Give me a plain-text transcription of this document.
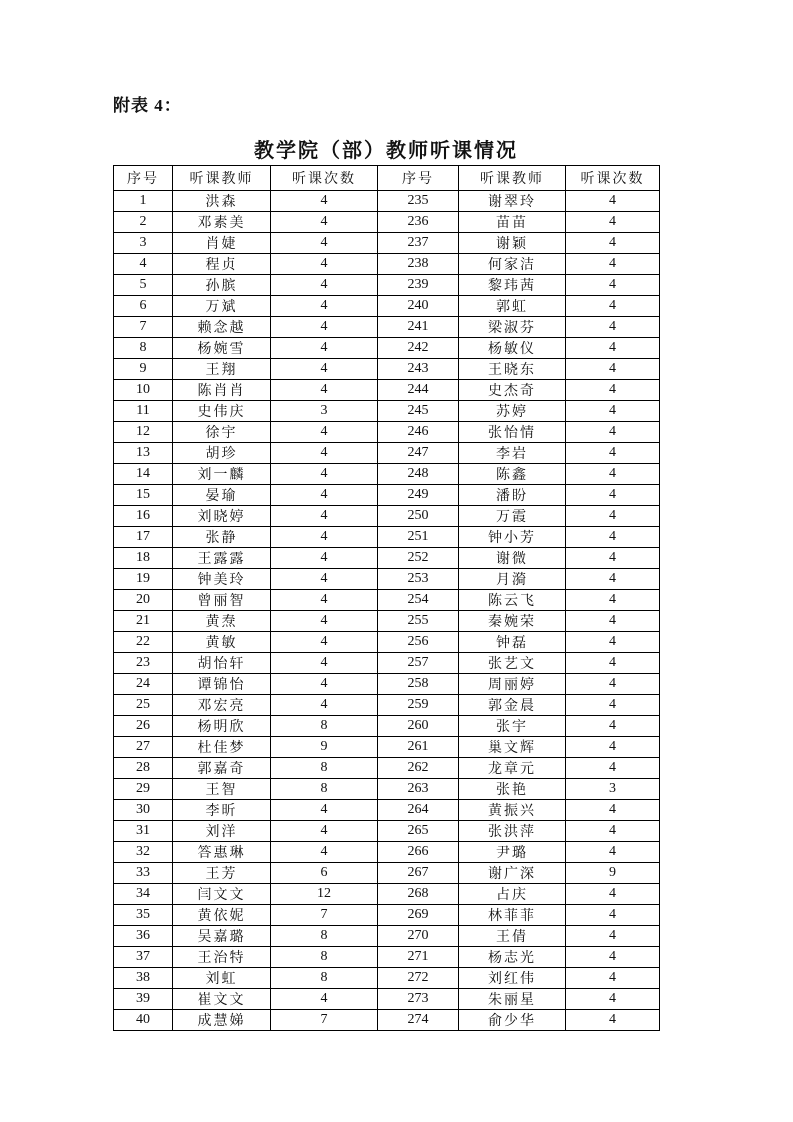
附表 4：
教学院（部）教师听课情况
序号	听课教师	听课次数	序号	听课教师	听课次数
1	洪森	4	235	谢翠玲	4
2	邓素美	4	236	苗苗	4
3	肖婕	4	237	谢颖	4
4	程贞	4	238	何家洁	4
5	孙膑	4	239	黎玮茜	4
6	万斌	4	240	郭虹	4
7	赖念越	4	241	梁淑芬	4
8	杨婉雪	4	242	杨敏仪	4
9	王翔	4	243	王晓东	4
10	陈肖肖	4	244	史杰奇	4
11	史伟庆	3	245	苏婷	4
12	徐宇	4	246	张怡情	4
13	胡珍	4	247	李岩	4
14	刘一麟	4	248	陈鑫	4
15	晏瑜	4	249	潘盼	4
16	刘晓婷	4	250	万霞	4
17	张静	4	251	钟小芳	4
18	王露露	4	252	谢微	4
19	钟美玲	4	253	月漪	4
20	曾丽智	4	254	陈云飞	4
21	黄焘	4	255	秦婉荣	4
22	黄敏	4	256	钟磊	4
23	胡怡轩	4	257	张艺文	4
24	谭锦怡	4	258	周丽婷	4
25	邓宏亮	4	259	郭金晨	4
26	杨明欣	8	260	张宇	4
27	杜佳梦	9	261	巢文辉	4
28	郭嘉奇	8	262	龙章元	4
29	王智	8	263	张艳	3
30	李昕	4	264	黄振兴	4
31	刘洋	4	265	张洪萍	4
32	答惠琳	4	266	尹璐	4
33	王芳	6	267	谢广深	9
34	闫文文	12	268	占庆	4
35	黄依妮	7	269	林菲菲	4
36	吴嘉璐	8	270	王倩	4
37	王治特	8	271	杨志光	4
38	刘虹	8	272	刘红伟	4
39	崔文文	4	273	朱丽星	4
40	成慧娣	7	274	俞少华	4
